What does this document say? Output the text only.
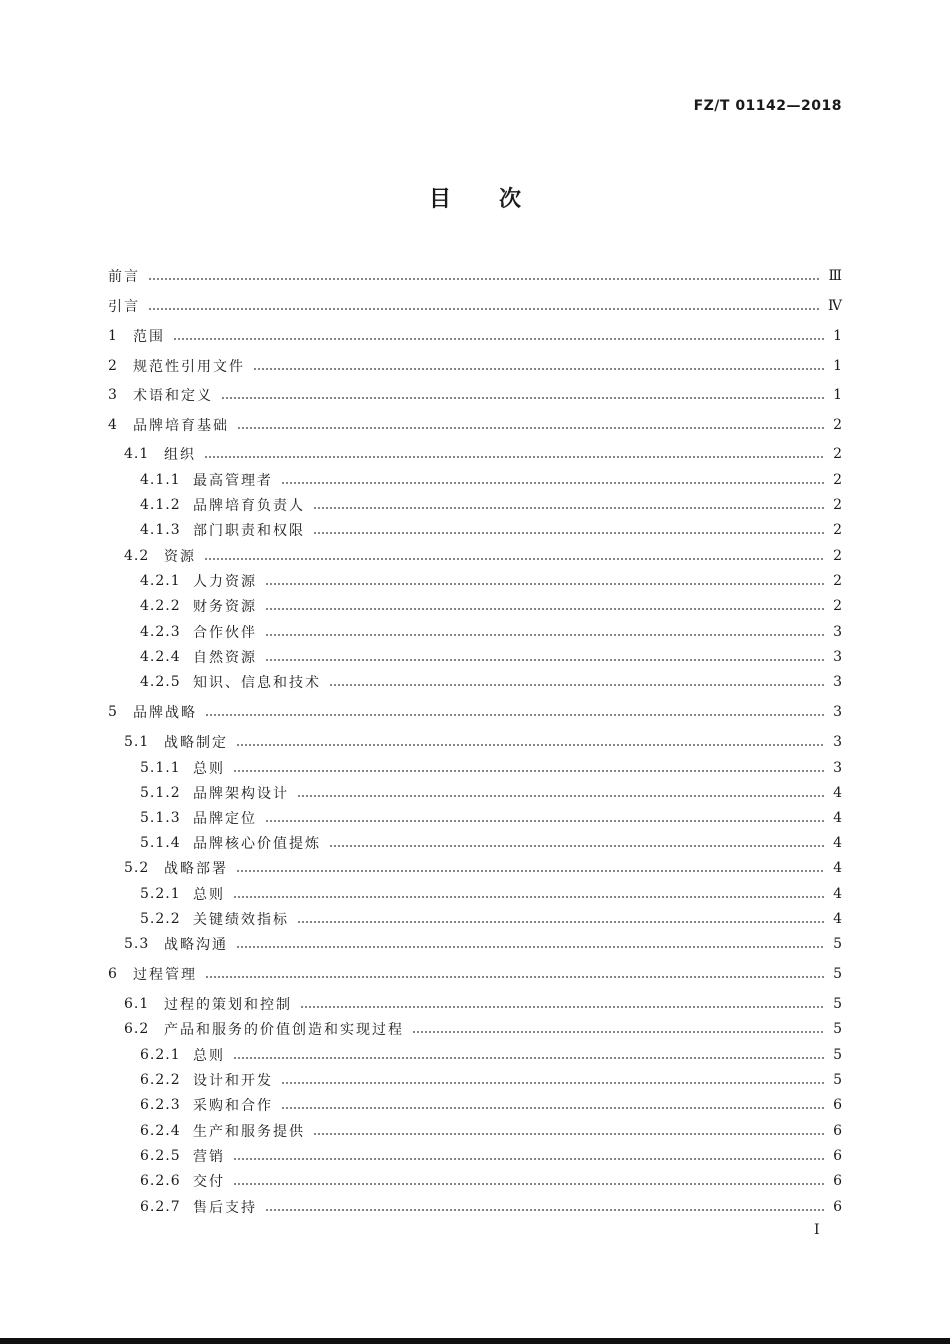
FZ/T 01142—2018
目次
前言	Ⅲ
引言	Ⅳ
1	范围	1
2	规范性引用文件	1
3	术语和定义	1
4	品牌培育基础	2
4.1	组织	2
4.1.1 最高管理者	2
4.1.2 品牌培育负责人	2
4.1.3 部门职责和权限	2
4.2	资源	2
4.2.1 人力资源	2
4.2.2 财务资源	2
4.2.3 合作伙伴	3
4.2.4 自然资源	3
4.2.5 知识、信息和技术	3
5	品牌战略	3
5.1	战略制定	3
5.1.1 总则	3
5.1.2 品牌架构设计	4
5.1.3 品牌定位	4
5.1.4 品牌核心价值提炼	4
5.2	战略部署	4
5.2.1 总则	4
5.2.2 关键绩效指标	4
5.3	战略沟通	5
6	过程管理	5
6.1	过程的策划和控制	5
6.2	产品和服务的价值创造和实现过程	5
6.2.1 总则	5
6.2.2 设计和开发	5
6.2.3 采购和合作	6
6.2.4 生产和服务提供	6
6.2.5 营销	6
6.2.6 交付	6
6.2.7 售后支持	6
I
